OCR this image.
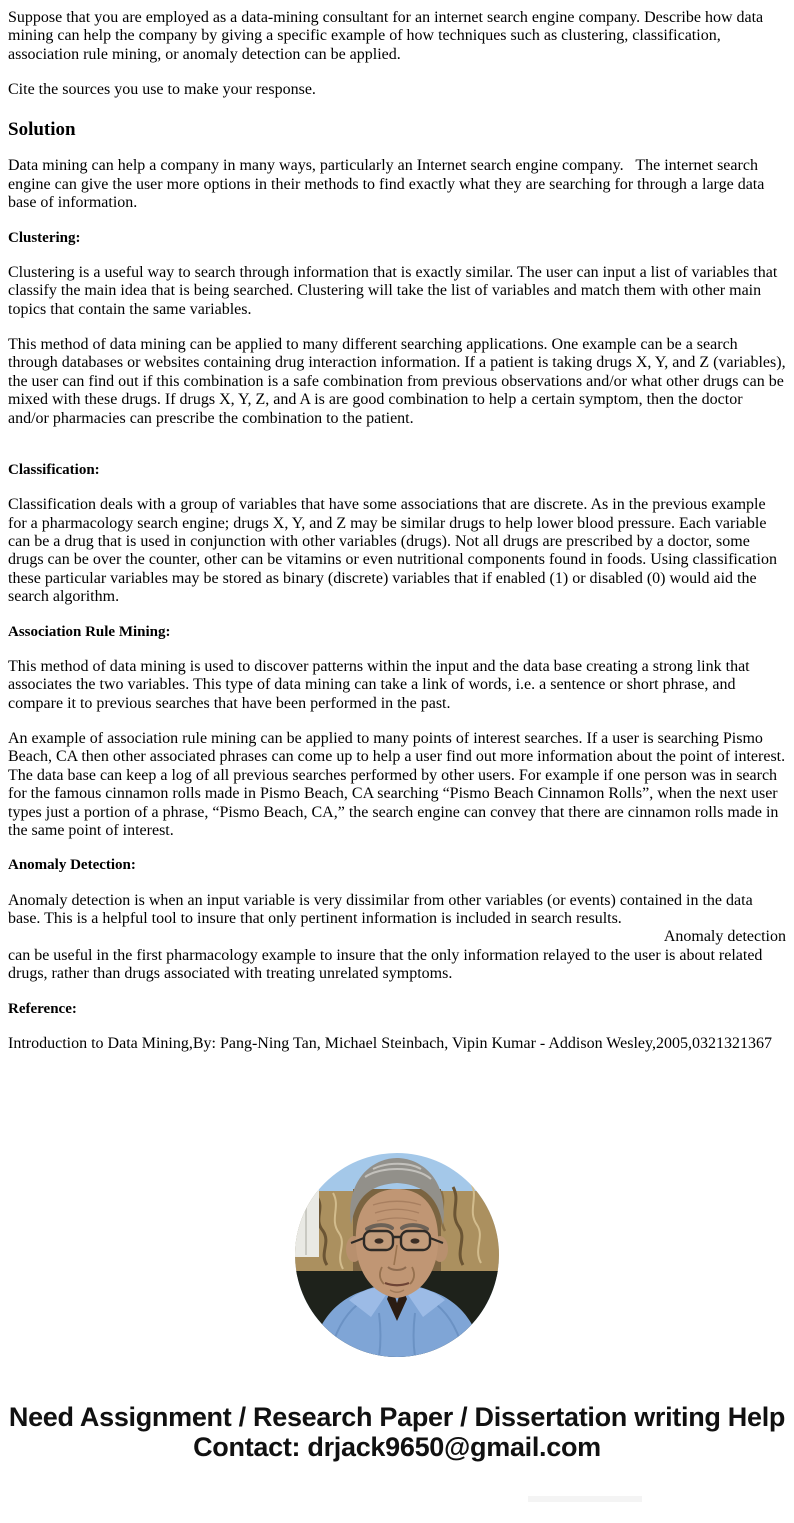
Suppose that you are employed as a data-mining consultant for an internet search engine company. Describe how data mining can help the company by giving a specific example of how techniques such as clustering, classification, association rule mining, or anomaly detection can be applied.

Cite the sources you use to make your response.

Solution

Data mining can help a company in many ways, particularly an Internet search engine company.   The internet search engine can give the user more options in their methods to find exactly what they are searching for through a large data base of information.

Clustering:

Clustering is a useful way to search through information that is exactly similar. The user can input a list of variables that classify the main idea that is being searched. Clustering will take the list of variables and match them with other main topics that contain the same variables.

This method of data mining can be applied to many different searching applications. One example can be a search through databases or websites containing drug interaction information. If a patient is taking drugs X, Y, and Z (variables), the user can find out if this combination is a safe combination from previous observations and/or what other drugs can be mixed with these drugs. If drugs X, Y, Z, and A is are good combination to help a certain symptom, then the doctor and/or pharmacies can prescribe the combination to the patient.

Classification:

Classification deals with a group of variables that have some associations that are discrete. As in the previous example for a pharmacology search engine; drugs X, Y, and Z may be similar drugs to help lower blood pressure. Each variable can be a drug that is used in conjunction with other variables (drugs). Not all drugs are prescribed by a doctor, some drugs can be over the counter, other can be vitamins or even nutritional components found in foods. Using classification these particular variables may be stored as binary (discrete) variables that if enabled (1) or disabled (0) would aid the search algorithm.

Association Rule Mining:

This method of data mining is used to discover patterns within the input and the data base creating a strong link that associates the two variables. This type of data mining can take a link of words, i.e. a sentence or short phrase, and compare it to previous searches that have been performed in the past.

An example of association rule mining can be applied to many points of interest searches. If a user is searching Pismo Beach, CA then other associated phrases can come up to help a user find out more information about the point of interest. The data base can keep a log of all previous searches performed by other users. For example if one person was in search for the famous cinnamon rolls made in Pismo Beach, CA searching “Pismo Beach Cinnamon Rolls”, when the next user types just a portion of a phrase, “Pismo Beach, CA,” the search engine can convey that there are cinnamon rolls made in the same point of interest.

Anomaly Detection:

Anomaly detection is when an input variable is very dissimilar from other variables (or events) contained in the data base. This is a helpful tool to insure that only pertinent information is included in search results.
Anomaly detection
can be useful in the first pharmacology example to insure that the only information relayed to the user is about related drugs, rather than drugs associated with treating unrelated symptoms.

Reference:

Introduction to Data Mining,By: Pang-Ning Tan, Michael Steinbach, Vipin Kumar - Addison Wesley,2005,0321321367

Need Assignment / Research Paper / Dissertation writing Help
Contact: drjack9650@gmail.com
